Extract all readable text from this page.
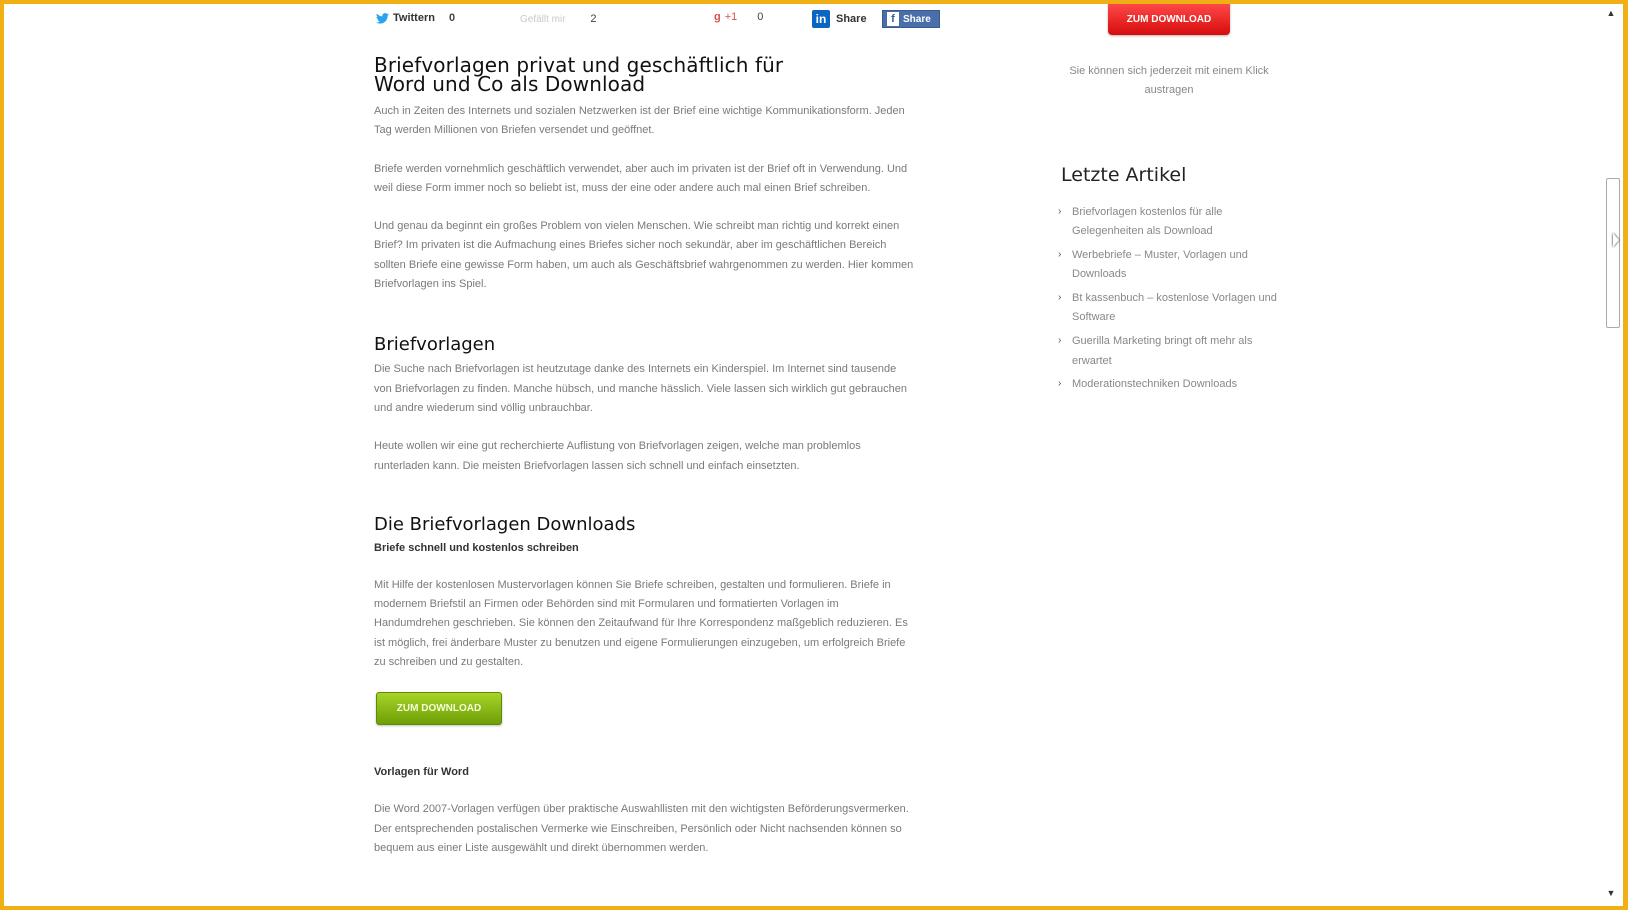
Twittern 0	Gefällt mir 2	g +1 0	in Share	f Share	ZUM DOWNLOAD
Briefvorlagen privat und geschäftlich für
Word und Co als Download

Auch in Zeiten des Internets und sozialen Netzwerken ist der Brief eine wichtige Kommunikationsform. Jeden Tag werden Millionen von Briefen versendet und geöffnet.

Briefe werden vornehmlich geschäftlich verwendet, aber auch im privaten ist der Brief oft in Verwendung. Und weil diese Form immer noch so beliebt ist, muss der eine oder andere auch mal einen Brief schreiben.

Und genau da beginnt ein großes Problem von vielen Menschen. Wie schreibt man richtig und korrekt einen Brief? Im privaten ist die Aufmachung eines Briefes sicher noch sekundär, aber im geschäftlichen Bereich sollten Briefe eine gewisse Form haben, um auch als Geschäftsbrief wahrgenommen zu werden. Hier kommen Briefvorlagen ins Spiel.

Briefvorlagen

Die Suche nach Briefvorlagen ist heutzutage danke des Internets ein Kinderspiel. Im Internet sind tausende von Briefvorlagen zu finden. Manche hübsch, und manche hässlich. Viele lassen sich wirklich gut gebrauchen und andre wiederum sind völlig unbrauchbar.

Heute wollen wir eine gut recherchierte Auflistung von Briefvorlagen zeigen, welche man problemlos runterladen kann. Die meisten Briefvorlagen lassen sich schnell und einfach einsetzten.

Die Briefvorlagen Downloads
Briefe schnell und kostenlos schreiben

Mit Hilfe der kostenlosen Mustervorlagen können Sie Briefe schreiben, gestalten und formulieren. Briefe in modernem Briefstil an Firmen oder Behörden sind mit Formularen und formatierten Vorlagen im Handumdrehen geschrieben. Sie können den Zeitaufwand für Ihre Korrespondenz maßgeblich reduzieren. Es ist möglich, frei änderbare Muster zu benutzen und eigene Formulierungen einzugeben, um erfolgreich Briefe zu schreiben und zu gestalten.

ZUM DOWNLOAD
Vorlagen für Word

Die Word 2007-Vorlagen verfügen über praktische Auswahllisten mit den wichtigsten Beförderungsvermerken. Der entsprechenden postalischen Vermerke wie Einschreiben, Persönlich oder Nicht nachsenden können so bequem aus einer Liste ausgewählt und direkt übernommen werden.

Sie können sich jederzeit mit einem Klick austragen
Letzte Artikel
› Briefvorlagen kostenlos für alle Gelegenheiten als Download
› Werbebriefe – Muster, Vorlagen und Downloads
› Bt kassenbuch – kostenlose Vorlagen und Software
› Guerilla Marketing bringt oft mehr als erwartet
› Moderationstechniken Downloads
▲
▼
